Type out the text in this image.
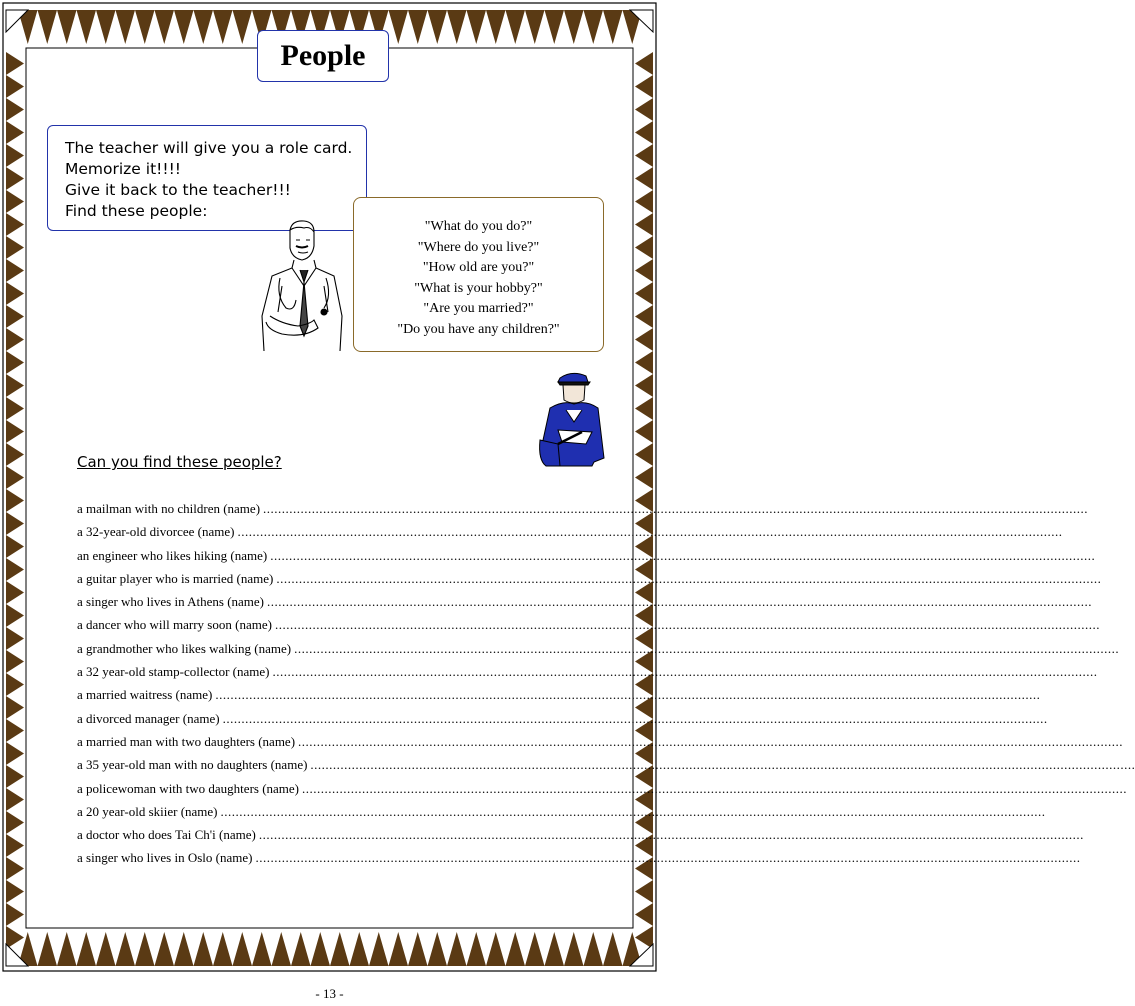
People
The teacher will give you a role card.
Memorize it!!!!
Give it back to the teacher!!!
Find these people:
"What do you do?"
"Where do you live?"
"How old are you?"
"What is your hobby?"
"Are you married?"
"Do you have any children?"
Can you find these people?
a mailman with no children (name) ............................................................................................................................................................................................................................
a 32-year-old divorcee (name) ............................................................................................................................................................................................................................
an engineer who likes hiking (name) ............................................................................................................................................................................................................................
a guitar player who is married (name) ............................................................................................................................................................................................................................
a singer who lives in Athens (name) ............................................................................................................................................................................................................................
a dancer who will marry soon (name) ............................................................................................................................................................................................................................
a grandmother who likes walking (name) ............................................................................................................................................................................................................................
a 32 year-old stamp-collector (name) ............................................................................................................................................................................................................................
a married waitress (name) ............................................................................................................................................................................................................................
a divorced manager (name) ............................................................................................................................................................................................................................
a married man with two daughters (name) ............................................................................................................................................................................................................................
a 35 year-old man with no daughters (name) ............................................................................................................................................................................................................................
a policewoman with two daughters (name) ............................................................................................................................................................................................................................
a 20 year-old skiier (name) ............................................................................................................................................................................................................................
a doctor who does Tai Ch'i (name) ............................................................................................................................................................................................................................
a singer who lives in Oslo (name) ............................................................................................................................................................................................................................
- 13 -
